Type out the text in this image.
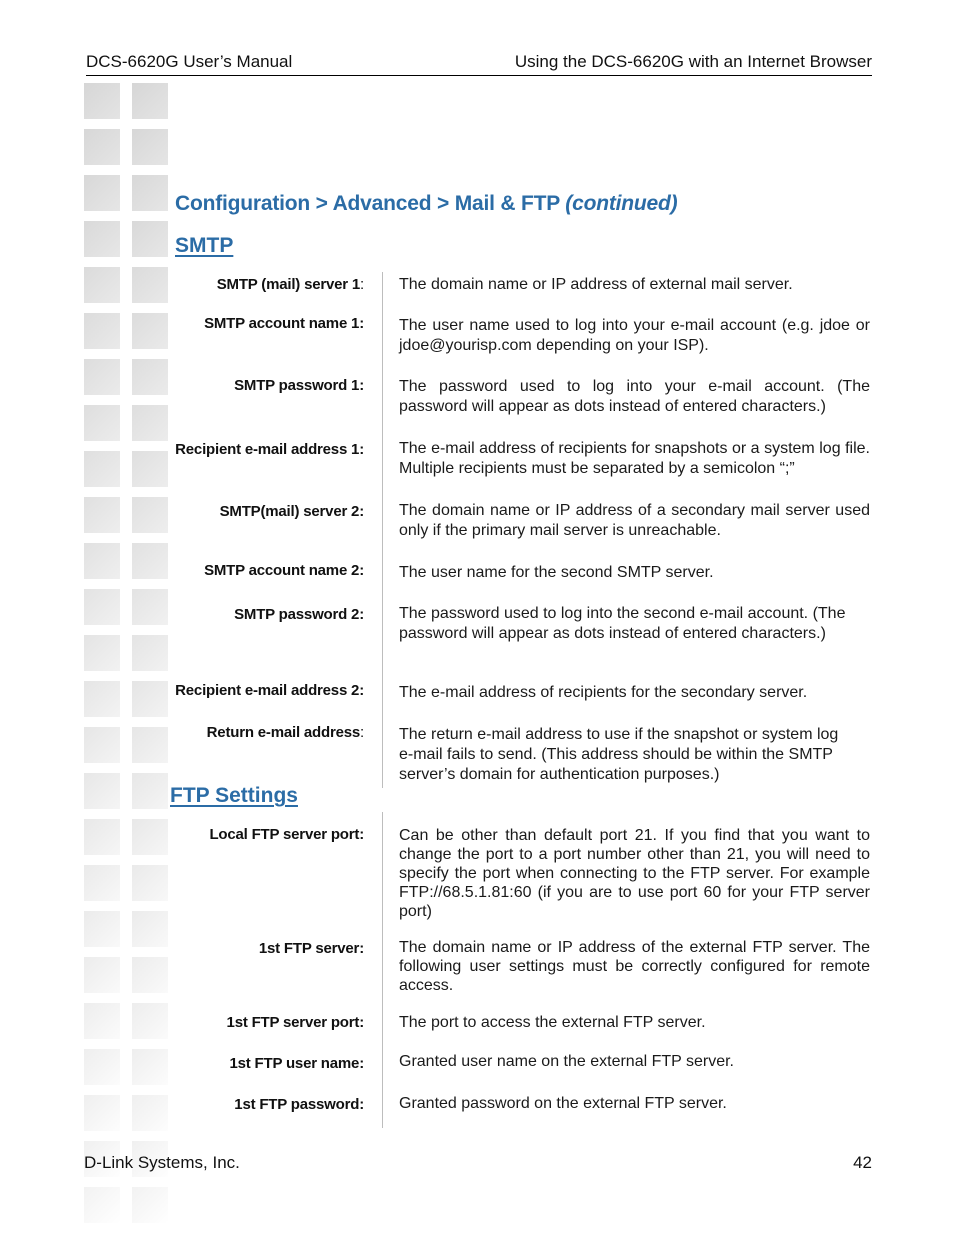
DCS-6620G User’s Manual	Using the DCS-6620G with an Internet Browser
Configuration > Advanced > Mail & FTP (continued)
SMTP
SMTP (mail) server 1: The domain name or IP address of external mail server.
SMTP account name 1: The user name used to log into your e-mail account (e.g. jdoe or jdoe@yourisp.com depending on your ISP).
SMTP password 1: The password used to log into your e-mail account. (The password will appear as dots instead of entered characters.)
Recipient e-mail address 1: The e-mail address of recipients for snapshots or a system log file. Multiple recipients must be separated by a semicolon “;”
SMTP(mail) server 2: The domain name or IP address of a secondary mail server used only if the primary mail server is unreachable.
SMTP account name 2: The user name for the second SMTP server.
SMTP password 2: The password used to log into the second e-mail account. (The password will appear as dots instead of entered characters.)
Recipient e-mail address 2: The e-mail address of recipients for the secondary server.
Return e-mail address: The return e-mail address to use if the snapshot or system log e-mail fails to send. (This address should be within the SMTP server’s domain for authentication purposes.)
FTP Settings
Local FTP server port: Can be other than default port 21. If you find that you want to change the port to a port number other than 21, you will need to specify the port when connecting to the FTP server. For example FTP://68.5.1.81:60 (if you are to use port 60 for your FTP server port)
1st FTP server: The domain name or IP address of the external FTP server. The following user settings must be correctly configured for remote access.
1st FTP server port: The port to access the external FTP server.
1st FTP user name: Granted user name on the external FTP server.
1st FTP password: Granted password on the external FTP server.
D-Link Systems, Inc.	42
